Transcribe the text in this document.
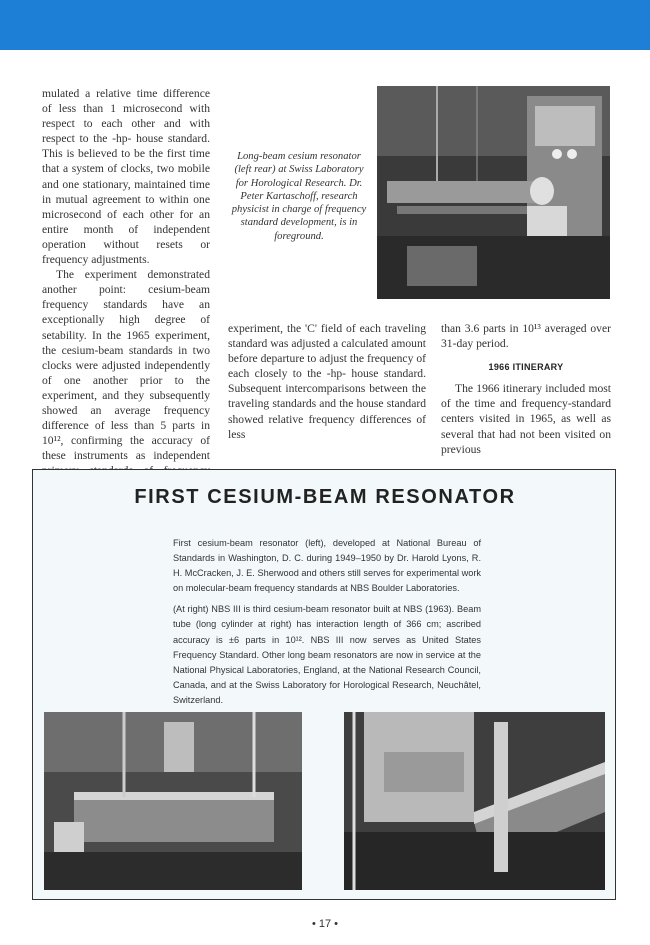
mulated a relative time difference of less than 1 microsecond with respect to each other and with respect to the -hp- house standard. This is believed to be the first time that a system of clocks, two mobile and one stationary, maintained time in mutual agreement to within one microsecond of each other for an entire month of independent operation without resets or frequency adjustments.

The experiment demonstrated another point: cesium-beam frequency standards have an exceptionally high degree of setability. In the 1965 experiment, the cesium-beam standards in two clocks were adjusted independently of one another prior to the experiment, and they subsequently showed an average frequency difference of less than 5 parts in 10¹², confirming the accuracy of these instruments as independent

Long-beam cesium resonator (left rear) at Swiss Laboratory for Horological Research. Dr. Peter Kartaschoff, research physicist in charge of frequency standard development, is in foreground.

experiment, the 'C' field of each traveling standard was adjusted a calculated amount before departure to adjust the frequency of each closely to the -hp- house standard. Subsequent intercomparisons between the traveling standards and the house standard showed relative frequency differences of less

than 3.6 parts in 10¹³ averaged over 31-day period.

1966 ITINERARY

The 1966 itinerary included most of the time and frequency-standard centers visited in 1965, as well as several that had not been visited on previous

FIRST CESIUM-BEAM RESONATOR

First cesium-beam resonator (left), developed at National Bureau of Standards in Washington, D. C. during 1949–1950 by Dr. Harold Lyons, R. H. McCracken, J. E. Sherwood and others still serves for experimental work on molecular-beam frequency standards at NBS Boulder Laboratories.

(At right) NBS III is third cesium-beam resonator built at NBS (1963). Beam tube (long cylinder at right) has interaction length of 366 cm; ascribed accuracy is ±6 parts in 10¹². NBS III now serves as United States Frequency Standard. Other long beam resonators are now in service at the National Physical Laboratories, England, at the National Research Council, Canada, and at the Swiss Laboratory for Horological Research, Neuchâtel, Switzerland.

• 17 •
